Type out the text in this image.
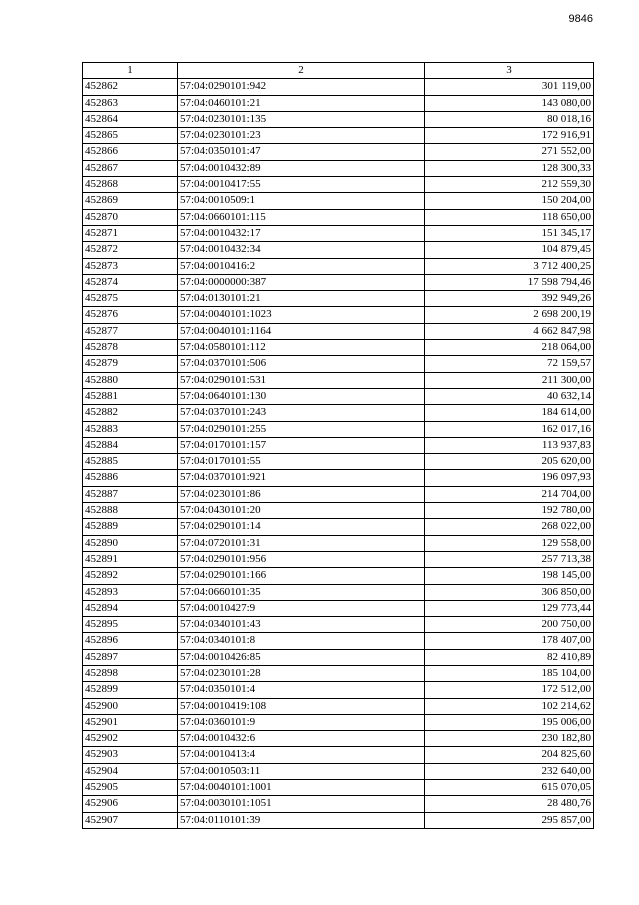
9846
1	2	3
452862	57:04:0290101:942	301 119,00
452863	57:04:0460101:21	143 080,00
452864	57:04:0230101:135	80 018,16
452865	57:04:0230101:23	172 916,91
452866	57:04:0350101:47	271 552,00
452867	57:04:0010432:89	128 300,33
452868	57:04:0010417:55	212 559,30
452869	57:04:0010509:1	150 204,00
452870	57:04:0660101:115	118 650,00
452871	57:04:0010432:17	151 345,17
452872	57:04:0010432:34	104 879,45
452873	57:04:0010416:2	3 712 400,25
452874	57:04:0000000:387	17 598 794,46
452875	57:04:0130101:21	392 949,26
452876	57:04:0040101:1023	2 698 200,19
452877	57:04:0040101:1164	4 662 847,98
452878	57:04:0580101:112	218 064,00
452879	57:04:0370101:506	72 159,57
452880	57:04:0290101:531	211 300,00
452881	57:04:0640101:130	40 632,14
452882	57:04:0370101:243	184 614,00
452883	57:04:0290101:255	162 017,16
452884	57:04:0170101:157	113 937,83
452885	57:04:0170101:55	205 620,00
452886	57:04:0370101:921	196 097,93
452887	57:04:0230101:86	214 704,00
452888	57:04:0430101:20	192 780,00
452889	57:04:0290101:14	268 022,00
452890	57:04:0720101:31	129 558,00
452891	57:04:0290101:956	257 713,38
452892	57:04:0290101:166	198 145,00
452893	57:04:0660101:35	306 850,00
452894	57:04:0010427:9	129 773,44
452895	57:04:0340101:43	200 750,00
452896	57:04:0340101:8	178 407,00
452897	57:04:0010426:85	82 410,89
452898	57:04:0230101:28	185 104,00
452899	57:04:0350101:4	172 512,00
452900	57:04:0010419:108	102 214,62
452901	57:04:0360101:9	195 006,00
452902	57:04:0010432:6	230 182,80
452903	57:04:0010413:4	204 825,60
452904	57:04:0010503:11	232 640,00
452905	57:04:0040101:1001	615 070,05
452906	57:04:0030101:1051	28 480,76
452907	57:04:0110101:39	295 857,00
